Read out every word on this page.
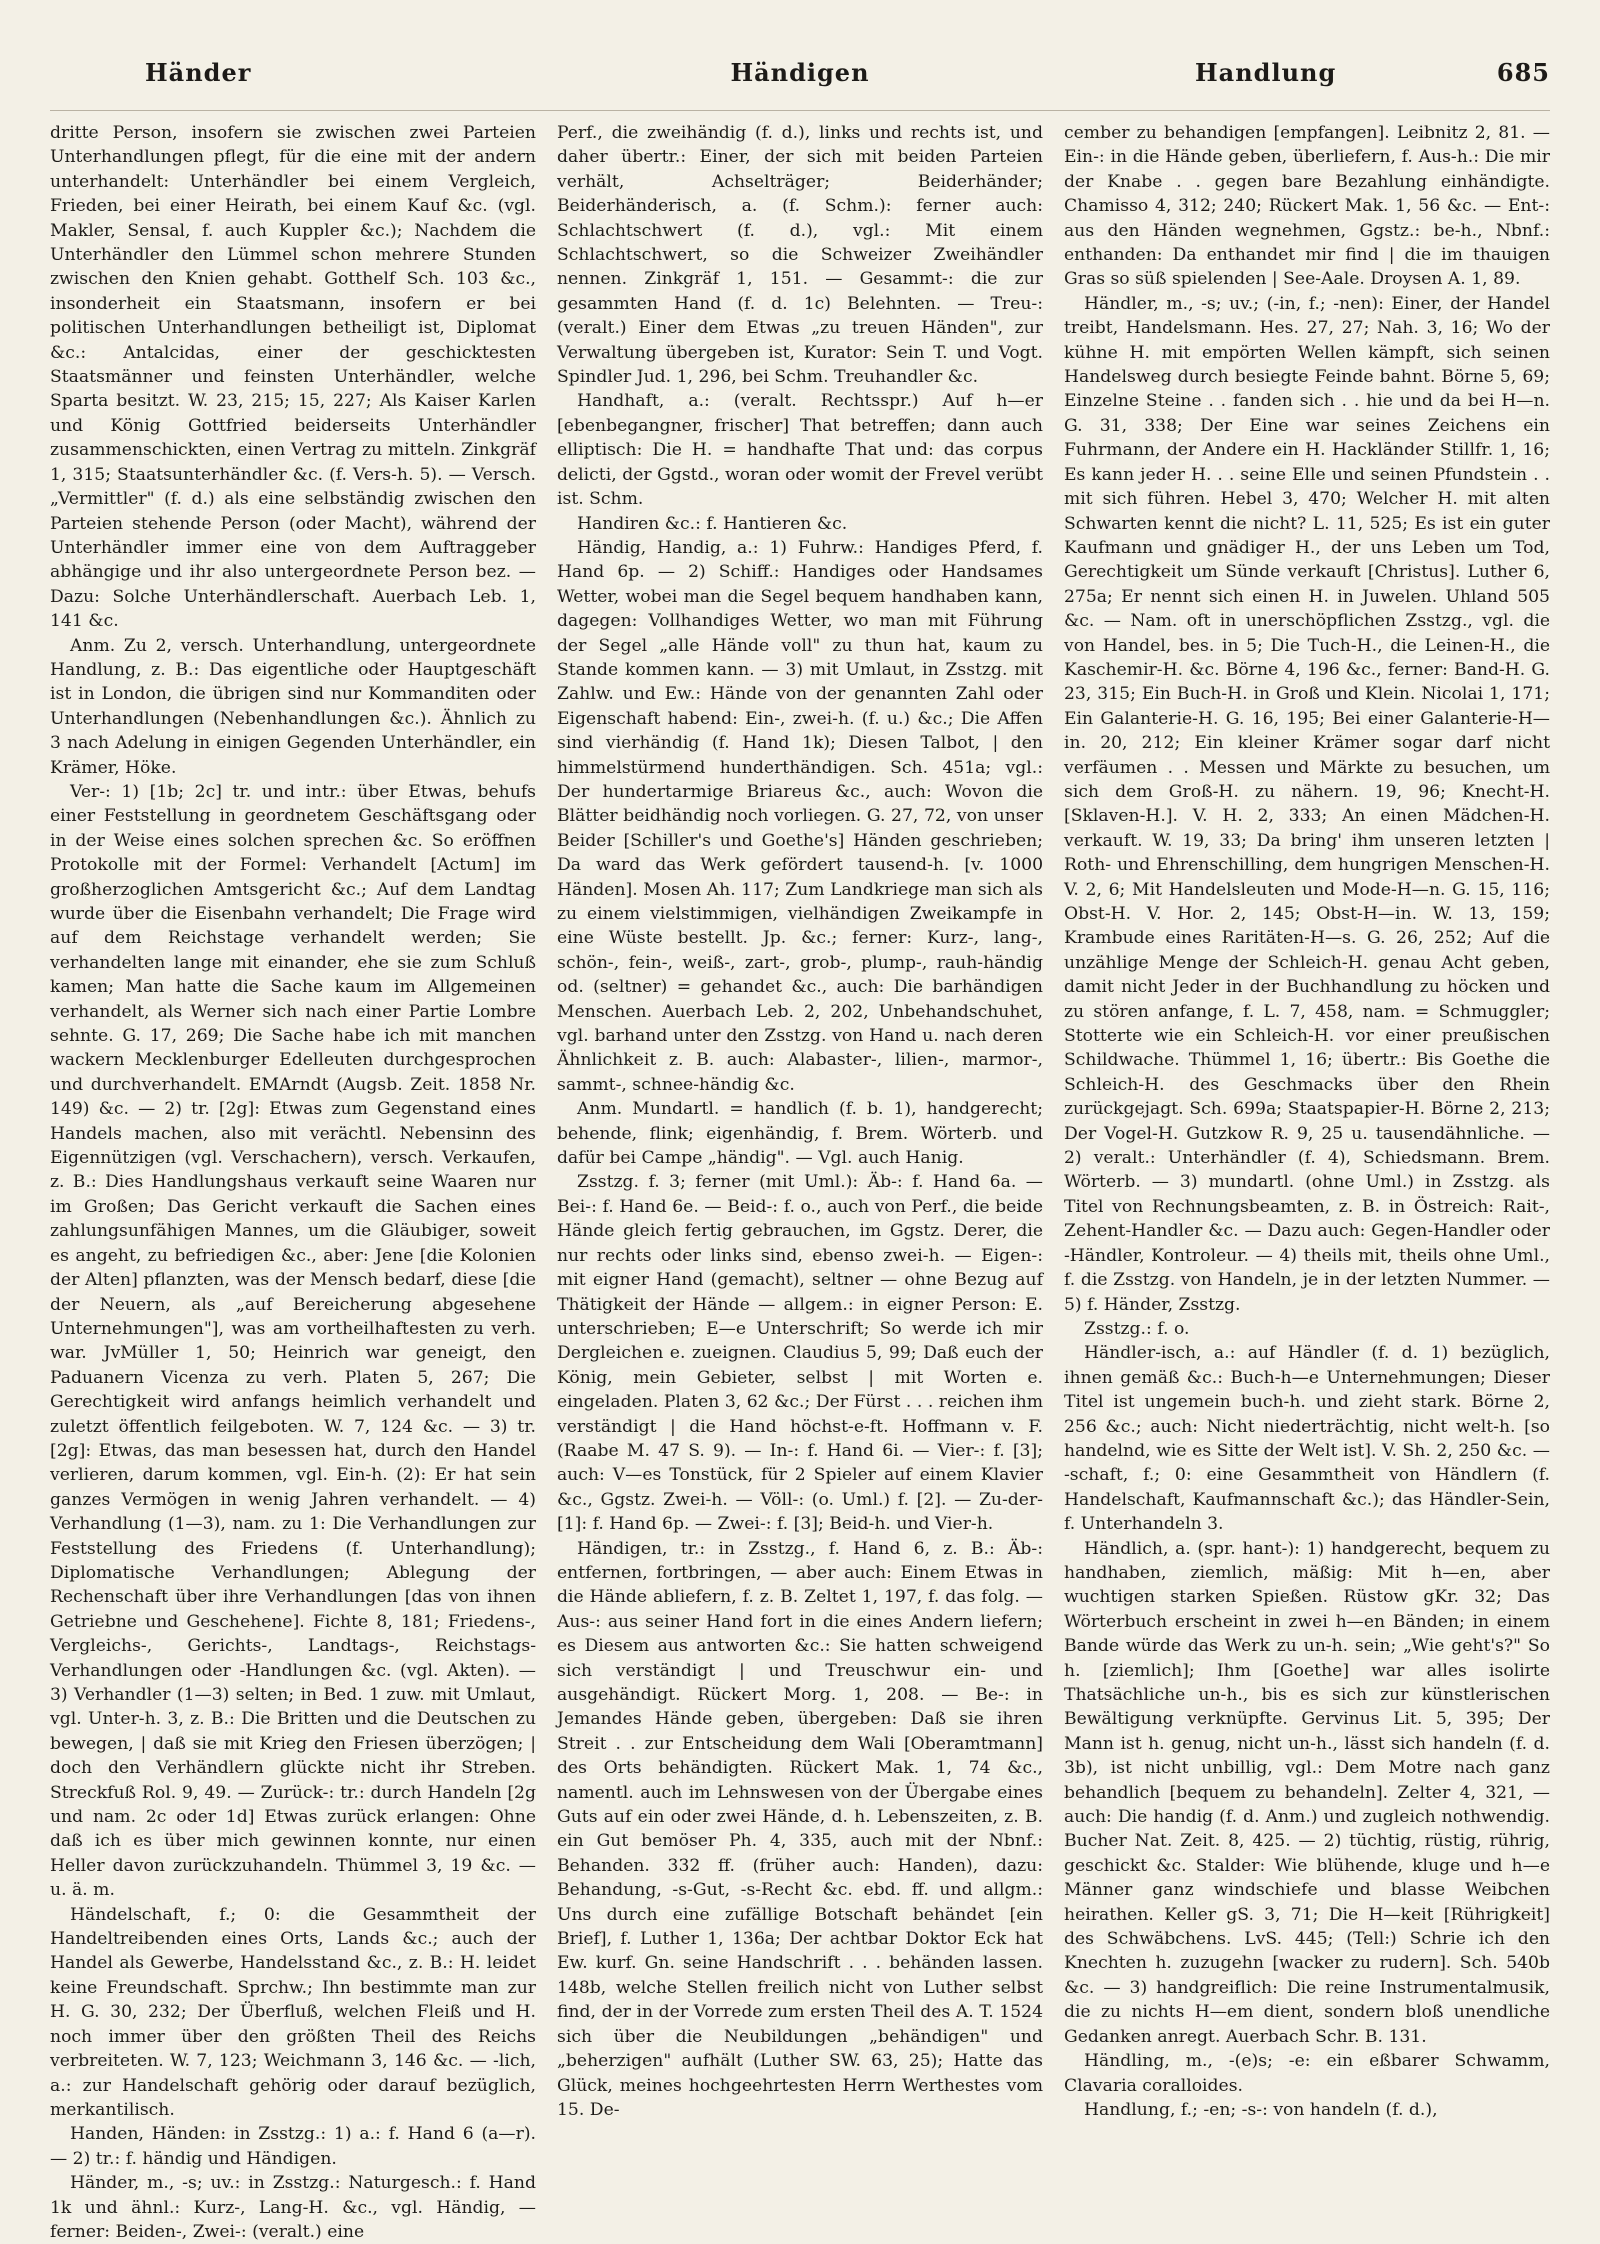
Händer	Händigen	Handlung	685

dritte Person, insofern sie zwischen zwei Parteien Unterhandlungen pflegt, für die eine mit der andern unterhandelt: Unterhändler bei einem Vergleich, Frieden, bei einer Heirath, bei einem Kauf &c. (vgl. Makler, Sensal, f. auch Kuppler &c.); Nachdem die Unterhändler den Lümmel schon mehrere Stunden zwischen den Knien gehabt. Gotthelf Sch. 103 &c., insonderheit ein Staatsmann, insofern er bei politischen Unterhandlungen betheiligt ist, Diplomat &c.: Antalcidas, einer der geschicktesten Staatsmänner und feinsten Unterhändler, welche Sparta besitzt. W. 23, 215; 15, 227; Als Kaiser Karlen und König Gottfried beiderseits Unterhändler zusammenschickten, einen Vertrag zu mitteln. Zinkgräf 1, 315; Staatsunterhändler &c. (f. Vers-h. 5). — Versch. „Vermittler" (f. d.) als eine selbständig zwischen den Parteien stehende Person (oder Macht), während der Unterhändler immer eine von dem Auftraggeber abhängige und ihr also untergeordnete Person bez. — Dazu: Solche Unterhändlerschaft. Auerbach Leb. 1, 141 &c.

Anm. Zu 2, versch. Unterhandlung, untergeordnete Handlung, z. B.: Das eigentliche oder Hauptgeschäft ist in London, die übrigen sind nur Kommanditen oder Unterhandlungen (Nebenhandlungen &c.). Ähnlich zu 3 nach Adelung in einigen Gegenden Unterhändler, ein Krämer, Höke.

Ver-: 1) [1b; 2c] tr. und intr.: über Etwas, behufs einer Feststellung in geordnetem Geschäftsgang oder in der Weise eines solchen sprechen &c. So eröffnen Protokolle mit der Formel: Verhandelt [Actum] im großherzoglichen Amtsgericht &c.; Auf dem Landtag wurde über die Eisenbahn verhandelt; Die Frage wird auf dem Reichstage verhandelt werden; Sie verhandelten lange mit einander, ehe sie zum Schluß kamen; Man hatte die Sache kaum im Allgemeinen verhandelt, als Werner sich nach einer Partie Lombre sehnte. G. 17, 269; Die Sache habe ich mit manchen wackern Mecklenburger Edelleuten durchgesprochen und durchverhandelt. EMArndt (Augsb. Zeit. 1858 Nr. 149) &c. — 2) tr. [2g]: Etwas zum Gegenstand eines Handels machen, also mit verächtl. Nebensinn des Eigennützigen (vgl. Verschachern), versch. Verkaufen, z. B.: Dies Handlungshaus verkauft seine Waaren nur im Großen; Das Gericht verkauft die Sachen eines zahlungsunfähigen Mannes, um die Gläubiger, soweit es angeht, zu befriedigen &c., aber: Jene [die Kolonien der Alten] pflanzten, was der Mensch bedarf, diese [die der Neuern, als „auf Bereicherung abgesehene Unternehmungen"], was am vortheilhaftesten zu verh. war. JvMüller 1, 50; Heinrich war geneigt, den Paduanern Vicenza zu verh. Platen 5, 267; Die Gerechtigkeit wird anfangs heimlich verhandelt und zuletzt öffentlich feilgeboten. W. 7, 124 &c. — 3) tr. [2g]: Etwas, das man besessen hat, durch den Handel verlieren, darum kommen, vgl. Ein-h. (2): Er hat sein ganzes Vermögen in wenig Jahren verhandelt. — 4) Verhandlung (1—3), nam. zu 1: Die Verhandlungen zur Feststellung des Friedens (f. Unterhandlung); Diplomatische Verhandlungen; Ablegung der Rechenschaft über ihre Verhandlungen [das von ihnen Getriebne und Geschehene]. Fichte 8, 181; Friedens-, Vergleichs-, Gerichts-, Landtags-, Reichstags-Verhandlungen oder -Handlungen &c. (vgl. Akten). — 3) Verhandler (1—3) selten; in Bed. 1 zuw. mit Umlaut, vgl. Unter-h. 3, z. B.: Die Britten und die Deutschen zu bewegen, | daß sie mit Krieg den Friesen überzögen; | doch den Verhändlern glückte nicht ihr Streben. Streckfuß Rol. 9, 49. — Zurück-: tr.: durch Handeln [2g und nam. 2c oder 1d] Etwas zurück erlangen: Ohne daß ich es über mich gewinnen konnte, nur einen Heller davon zurückzuhandeln. Thümmel 3, 19 &c. — u. ä. m.

Händelschaft, f.; 0: die Gesammtheit der Handeltreibenden eines Orts, Lands &c.; auch der Handel als Gewerbe, Handelsstand &c., z. B.: H. leidet keine Freundschaft. Sprchw.; Ihn bestimmte man zur H. G. 30, 232; Der Überfluß, welchen Fleiß und H. noch immer über den größten Theil des Reichs verbreiteten. W. 7, 123; Weichmann 3, 146 &c. — -lich, a.: zur Handelschaft gehörig oder darauf bezüglich, merkantilisch.

Handen, Händen: in Zsstzg.: 1) a.: f. Hand 6 (a—r). — 2) tr.: f. händig und Händigen.

Händer, m., -s; uv.: in Zsstzg.: Naturgesch.: f. Hand 1k und ähnl.: Kurz-, Lang-H. &c., vgl. Händig, — ferner: Beiden-, Zwei-: (veralt.) eine

Perf., die zweihändig (f. d.), links und rechts ist, und daher übertr.: Einer, der sich mit beiden Parteien verhält, Achselträger; Beiderhänder; Beiderhänderisch, a. (f. Schm.): ferner auch: Schlachtschwert (f. d.), vgl.: Mit einem Schlachtschwert, so die Schweizer Zweihändler nennen. Zinkgräf 1, 151. — Gesammt-: die zur gesammten Hand (f. d. 1c) Belehnten. — Treu-: (veralt.) Einer dem Etwas „zu treuen Händen", zur Verwaltung übergeben ist, Kurator: Sein T. und Vogt. Spindler Jud. 1, 296, bei Schm. Treuhandler &c.

Handhaft, a.: (veralt. Rechtsspr.) Auf h—er [ebenbegangner, frischer] That betreffen; dann auch elliptisch: Die H. = handhafte That und: das corpus delicti, der Ggstd., woran oder womit der Frevel verübt ist. Schm.

Handiren &c.: f. Hantieren &c.

Händig, Handig, a.: 1) Fuhrw.: Handiges Pferd, f. Hand 6p. — 2) Schiff.: Handiges oder Handsames Wetter, wobei man die Segel bequem handhaben kann, dagegen: Vollhandiges Wetter, wo man mit Führung der Segel „alle Hände voll" zu thun hat, kaum zu Stande kommen kann. — 3) mit Umlaut, in Zsstzg. mit Zahlw. und Ew.: Hände von der genannten Zahl oder Eigenschaft habend: Ein-, zwei-h. (f. u.) &c.; Die Affen sind vierhändig (f. Hand 1k); Diesen Talbot, | den himmelstürmend hunderthändigen. Sch. 451a; vgl.: Der hundertarmige Briareus &c., auch: Wovon die Blätter beidhändig noch vorliegen. G. 27, 72, von unser Beider [Schiller's und Goethe's] Händen geschrieben; Da ward das Werk gefördert tausend-h. [v. 1000 Händen]. Mosen Ah. 117; Zum Landkriege man sich als zu einem vielstimmigen, vielhändigen Zweikampfe in eine Wüste bestellt. Jp. &c.; ferner: Kurz-, lang-, schön-, fein-, weiß-, zart-, grob-, plump-, rauh-händig od. (seltner) = gehandet &c., auch: Die barhändigen Menschen. Auerbach Leb. 2, 202, Unbehandschuhet, vgl. barhand unter den Zsstzg. von Hand u. nach deren Ähnlichkeit z. B. auch: Alabaster-, lilien-, marmor-, sammt-, schnee-händig &c.

Anm. Mundartl. = handlich (f. b. 1), handgerecht; behende, flink; eigenhändig, f. Brem. Wörterb. und dafür bei Campe „händig". — Vgl. auch Hanig.

Zsstzg. f. 3; ferner (mit Uml.): Äb-: f. Hand 6a. — Bei-: f. Hand 6e. — Beid-: f. o., auch von Perf., die beide Hände gleich fertig gebrauchen, im Ggstz. Derer, die nur rechts oder links sind, ebenso zwei-h. — Eigen-: mit eigner Hand (gemacht), seltner — ohne Bezug auf Thätigkeit der Hände — allgem.: in eigner Person: E. unterschrieben; E—e Unterschrift; So werde ich mir Dergleichen e. zueignen. Claudius 5, 99; Daß euch der König, mein Gebieter, selbst | mit Worten e. eingeladen. Platen 3, 62 &c.; Der Fürst . . . reichen ihm verständigt | die Hand höchst-e-ft. Hoffmann v. F. (Raabe M. 47 S. 9). — In-: f. Hand 6i. — Vier-: f. [3]; auch: V—es Tonstück, für 2 Spieler auf einem Klavier &c., Ggstz. Zwei-h. — Völl-: (o. Uml.) f. [2]. — Zu-der- [1]: f. Hand 6p. — Zwei-: f. [3]; Beid-h. und Vier-h.

Händigen, tr.: in Zsstzg., f. Hand 6, z. B.: Äb-: entfernen, fortbringen, — aber auch: Einem Etwas in die Hände abliefern, f. z. B. Zeltet 1, 197, f. das folg. — Aus-: aus seiner Hand fort in die eines Andern liefern; es Diesem aus antworten &c.: Sie hatten schweigend sich verständigt | und Treuschwur ein- und ausgehändigt. Rückert Morg. 1, 208. — Be-: in Jemandes Hände geben, übergeben: Daß sie ihren Streit . . zur Entscheidung dem Wali [Oberamtmann] des Orts behändigten. Rückert Mak. 1, 74 &c., namentl. auch im Lehnswesen von der Übergabe eines Guts auf ein oder zwei Hände, d. h. Lebenszeiten, z. B. ein Gut bemöser Ph. 4, 335, auch mit der Nbnf.: Behanden. 332 ff. (früher auch: Handen), dazu: Behandung, -s-Gut, -s-Recht &c. ebd. ff. und allgm.: Uns durch eine zufällige Botschaft behändet [ein Brief], f. Luther 1, 136a; Der achtbar Doktor Eck hat Ew. kurf. Gn. seine Handschrift . . . behänden lassen. 148b, welche Stellen freilich nicht von Luther selbst find, der in der Vorrede zum ersten Theil des A. T. 1524 sich über die Neubildungen „behändigen" und „beherzigen" aufhält (Luther SW. 63, 25); Hatte das Glück, meines hochgeehrtesten Herrn Werthestes vom 15. De-

cember zu behandigen [empfangen]. Leibnitz 2, 81. — Ein-: in die Hände geben, überliefern, f. Aus-h.: Die mir der Knabe . . gegen bare Bezahlung einhändigte. Chamisso 4, 312; 240; Rückert Mak. 1, 56 &c. — Ent-: aus den Händen wegnehmen, Ggstz.: be-h., Nbnf.: enthanden: Da enthandet mir find | die im thauigen Gras so süß spielenden | See-Aale. Droysen A. 1, 89.

Händler, m., -s; uv.; (-in, f.; -nen): Einer, der Handel treibt, Handelsmann. Hes. 27, 27; Nah. 3, 16; Wo der kühne H. mit empörten Wellen kämpft, sich seinen Handelsweg durch besiegte Feinde bahnt. Börne 5, 69; Einzelne Steine . . fanden sich . . hie und da bei H—n. G. 31, 338; Der Eine war seines Zeichens ein Fuhrmann, der Andere ein H. Hackländer Stillfr. 1, 16; Es kann jeder H. . . seine Elle und seinen Pfundstein . . mit sich führen. Hebel 3, 470; Welcher H. mit alten Schwarten kennt die nicht? L. 11, 525; Es ist ein guter Kaufmann und gnädiger H., der uns Leben um Tod, Gerechtigkeit um Sünde verkauft [Christus]. Luther 6, 275a; Er nennt sich einen H. in Juwelen. Uhland 505 &c. — Nam. oft in unerschöpflichen Zsstzg., vgl. die von Handel, bes. in 5; Die Tuch-H., die Leinen-H., die Kaschemir-H. &c. Börne 4, 196 &c., ferner: Band-H. G. 23, 315; Ein Buch-H. in Groß und Klein. Nicolai 1, 171; Ein Galanterie-H. G. 16, 195; Bei einer Galanterie-H—in. 20, 212; Ein kleiner Krämer sogar darf nicht verfäumen . . Messen und Märkte zu besuchen, um sich dem Groß-H. zu nähern. 19, 96; Knecht-H. [Sklaven-H.]. V. H. 2, 333; An einen Mädchen-H. verkauft. W. 19, 33; Da bring' ihm unseren letzten | Roth- und Ehrenschilling, dem hungrigen Menschen-H. V. 2, 6; Mit Handelsleuten und Mode-H—n. G. 15, 116; Obst-H. V. Hor. 2, 145; Obst-H—in. W. 13, 159; Krambude eines Raritäten-H—s. G. 26, 252; Auf die unzählige Menge der Schleich-H. genau Acht geben, damit nicht Jeder in der Buchhandlung zu höcken und zu stören anfange, f. L. 7, 458, nam. = Schmuggler; Stotterte wie ein Schleich-H. vor einer preußischen Schildwache. Thümmel 1, 16; übertr.: Bis Goethe die Schleich-H. des Geschmacks über den Rhein zurückgejagt. Sch. 699a; Staatspapier-H. Börne 2, 213; Der Vogel-H. Gutzkow R. 9, 25 u. tausendähnliche. — 2) veralt.: Unterhändler (f. 4), Schiedsmann. Brem. Wörterb. — 3) mundartl. (ohne Uml.) in Zsstzg. als Titel von Rechnungsbeamten, z. B. in Östreich: Rait-, Zehent-Handler &c. — Dazu auch: Gegen-Handler oder -Händler, Kontroleur. — 4) theils mit, theils ohne Uml., f. die Zsstzg. von Handeln, je in der letzten Nummer. — 5) f. Händer, Zsstzg.

Zsstzg.: f. o.

Händler-isch, a.: auf Händler (f. d. 1) bezüglich, ihnen gemäß &c.: Buch-h—e Unternehmungen; Dieser Titel ist ungemein buch-h. und zieht stark. Börne 2, 256 &c.; auch: Nicht niederträchtig, nicht welt-h. [so handelnd, wie es Sitte der Welt ist]. V. Sh. 2, 250 &c. — -schaft, f.; 0: eine Gesammtheit von Händlern (f. Handelschaft, Kaufmannschaft &c.); das Händler-Sein, f. Unterhandeln 3.

Händlich, a. (spr. hant-): 1) handgerecht, bequem zu handhaben, ziemlich, mäßig: Mit h—en, aber wuchtigen starken Spießen. Rüstow gKr. 32; Das Wörterbuch erscheint in zwei h—en Bänden; in einem Bande würde das Werk zu un-h. sein; „Wie geht's?" So h. [ziemlich]; Ihm [Goethe] war alles isolirte Thatsächliche un-h., bis es sich zur künstlerischen Bewältigung verknüpfte. Gervinus Lit. 5, 395; Der Mann ist h. genug, nicht un-h., lässt sich handeln (f. d. 3b), ist nicht unbillig, vgl.: Dem Motre nach ganz behandlich [bequem zu behandeln]. Zelter 4, 321, — auch: Die handig (f. d. Anm.) und zugleich nothwendig. Bucher Nat. Zeit. 8, 425. — 2) tüchtig, rüstig, rührig, geschickt &c. Stalder: Wie blühende, kluge und h—e Männer ganz windschiefe und blasse Weibchen heirathen. Keller gS. 3, 71; Die H—keit [Rührigkeit] des Schwäbchens. LvS. 445; (Tell:) Schrie ich den Knechten h. zuzugehn [wacker zu rudern]. Sch. 540b &c. — 3) handgreiflich: Die reine Instrumentalmusik, die zu nichts H—em dient, sondern bloß unendliche Gedanken anregt. Auerbach Schr. B. 131.

Händling, m., -(e)s; -e: ein eßbarer Schwamm, Clavaria coralloides.

Handlung, f.; -en; -s-: von handeln (f. d.),
